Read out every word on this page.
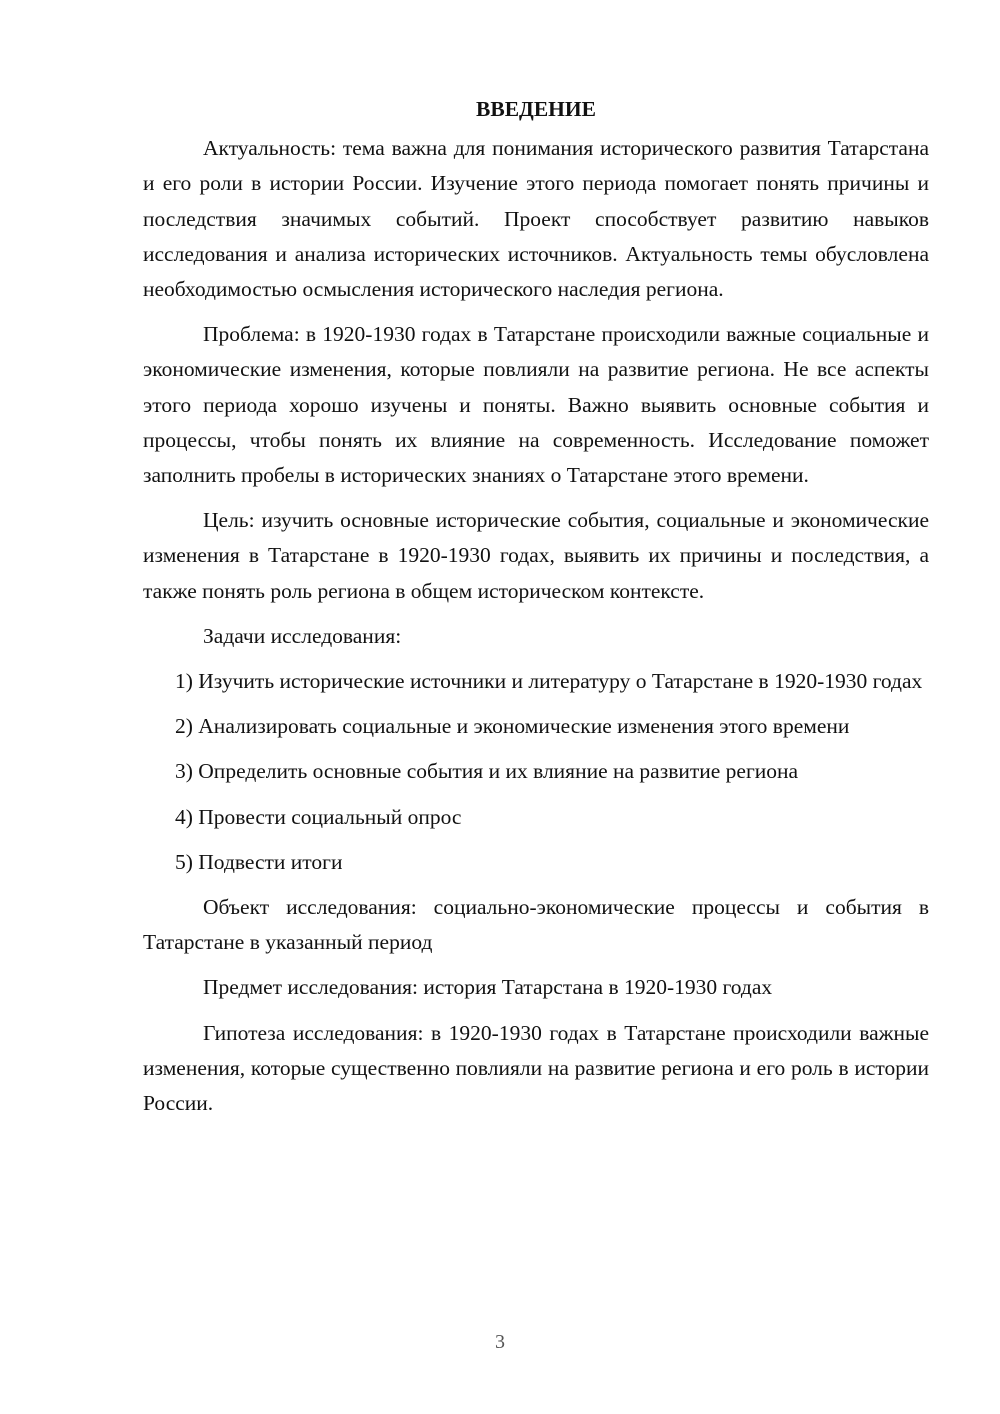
ВВЕДЕНИЕ

Актуальность: тема важна для понимания исторического развития Татарстана и его роли в истории России. Изучение этого периода помогает понять причины и последствия значимых событий. Проект способствует развитию навыков исследования и анализа исторических источников. Актуальность темы обусловлена необходимостью осмысления исторического наследия региона.

Проблема: в 1920-1930 годах в Татарстане происходили важные социальные и экономические изменения, которые повлияли на развитие региона. Не все аспекты этого периода хорошо изучены и поняты. Важно выявить основные события и процессы, чтобы понять их влияние на современность. Исследование поможет заполнить пробелы в исторических знаниях о Татарстане этого времени.

Цель: изучить основные исторические события, социальные и экономические изменения в Татарстане в 1920-1930 годах, выявить их причины и последствия, а также понять роль региона в общем историческом контексте.

Задачи исследования:

1) Изучить исторические источники и литературу о Татарстане в 1920-1930 годах

2) Анализировать социальные и экономические изменения этого времени

3) Определить основные события и их влияние на развитие региона

4) Провести социальный опрос

5) Подвести итоги

Объект исследования: социально-экономические процессы и события в Татарстане в указанный период

Предмет исследования: история Татарстана в 1920-1930 годах

Гипотеза исследования: в 1920-1930 годах в Татарстане происходили важные изменения, которые существенно повлияли на развитие региона и его роль в истории России.

3
